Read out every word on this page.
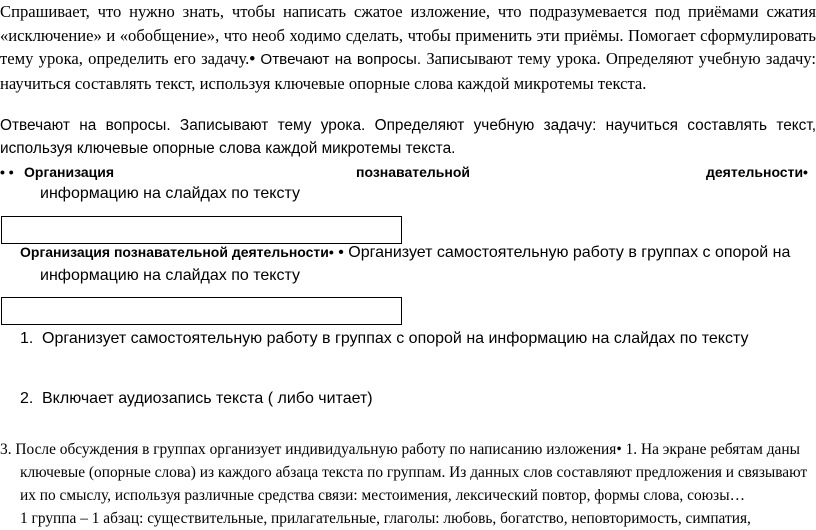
Спрашивает, что нужно знать, чтобы написать сжатое изложение, что подразумевается под приёмами сжатия «исключение» и «обобщение», что необ ходимо сделать, чтобы применить эти приёмы. Помогает сформулировать тему урока, определить его задачу.• Отвечают на вопросы. Записывают тему урока. Определяют учебную задачу: научиться составлять текст, используя ключевые опорные слова каждой микротемы текста.
Отвечают на вопросы. Записывают тему урока. Определяют учебную задачу: научиться составлять текст, используя ключевые опорные слова каждой микротемы текста.
• • Организация	познавательной	деятельности•
информацию на слайдах по тексту
Организация познавательной деятельности• • Организует самостоятельную работу в группах с опорой на
информацию на слайдах по тексту
1. Организует самостоятельную работу в группах с опорой на информацию на слайдах по тексту
2. Включает аудиозапись текста ( либо читает)
3. После обсуждения в группах организует индивидуальную работу по написанию изложения• 1. На экране ребятам даны
ключевые (опорные слова) из каждого абзаца текста по группам. Из данных слов составляют предложения и связывают
их по смыслу, используя различные средства связи: местоимения, лексический повтор, формы слова, союзы…
1 группа – 1 абзац: существительные, прилагательные, глаголы: любовь, богатство, неповторимость, симпатия,
